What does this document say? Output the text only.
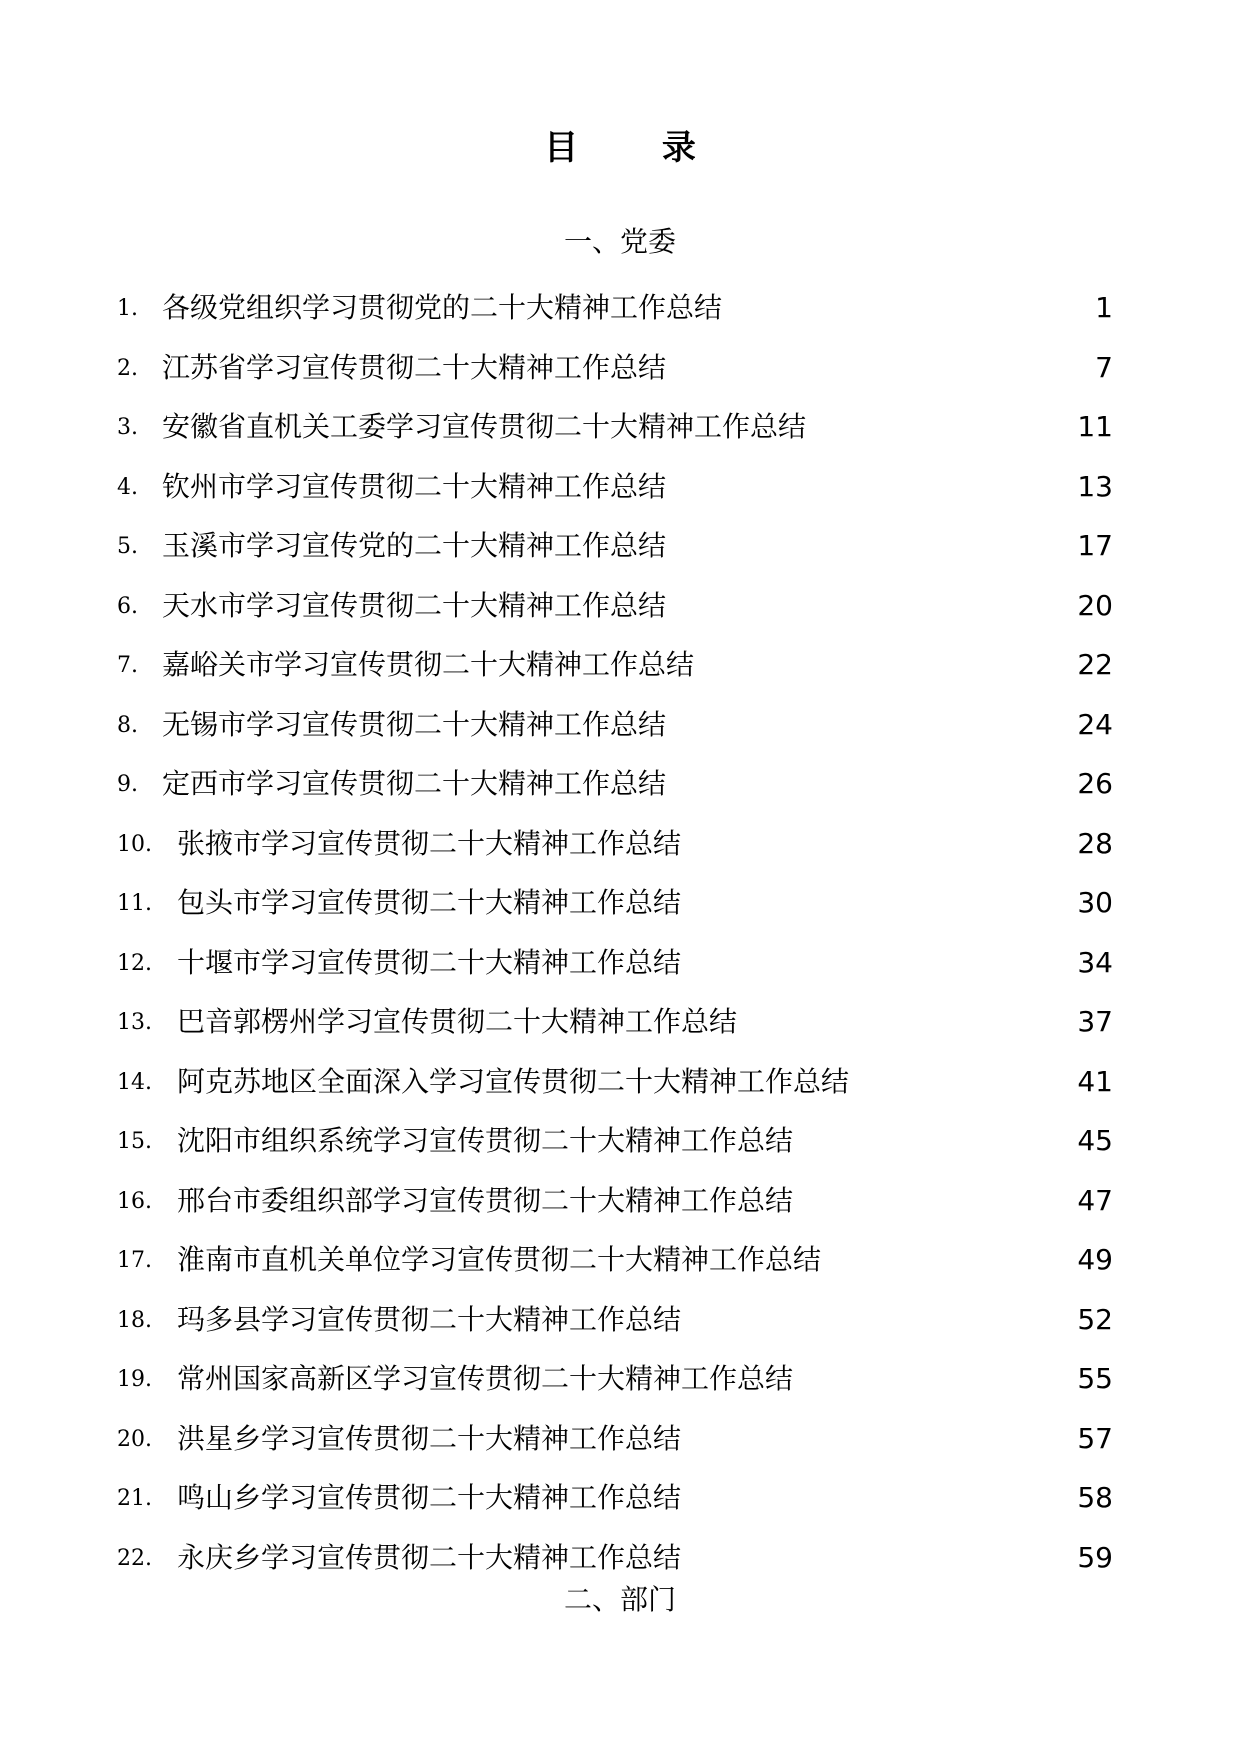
目 录
一、党委
1. 各级党组织学习贯彻党的二十大精神工作总结	1
2. 江苏省学习宣传贯彻二十大精神工作总结	7
3. 安徽省直机关工委学习宣传贯彻二十大精神工作总结	11
4. 钦州市学习宣传贯彻二十大精神工作总结	13
5. 玉溪市学习宣传党的二十大精神工作总结	17
6. 天水市学习宣传贯彻二十大精神工作总结	20
7. 嘉峪关市学习宣传贯彻二十大精神工作总结	22
8. 无锡市学习宣传贯彻二十大精神工作总结	24
9. 定西市学习宣传贯彻二十大精神工作总结	26
10. 张掖市学习宣传贯彻二十大精神工作总结	28
11. 包头市学习宣传贯彻二十大精神工作总结	30
12. 十堰市学习宣传贯彻二十大精神工作总结	34
13. 巴音郭楞州学习宣传贯彻二十大精神工作总结	37
14. 阿克苏地区全面深入学习宣传贯彻二十大精神工作总结	41
15. 沈阳市组织系统学习宣传贯彻二十大精神工作总结	45
16. 邢台市委组织部学习宣传贯彻二十大精神工作总结	47
17. 淮南市直机关单位学习宣传贯彻二十大精神工作总结	49
18. 玛多县学习宣传贯彻二十大精神工作总结	52
19. 常州国家高新区学习宣传贯彻二十大精神工作总结	55
20. 洪星乡学习宣传贯彻二十大精神工作总结	57
21. 鸣山乡学习宣传贯彻二十大精神工作总结	58
22. 永庆乡学习宣传贯彻二十大精神工作总结	59
二、部门
